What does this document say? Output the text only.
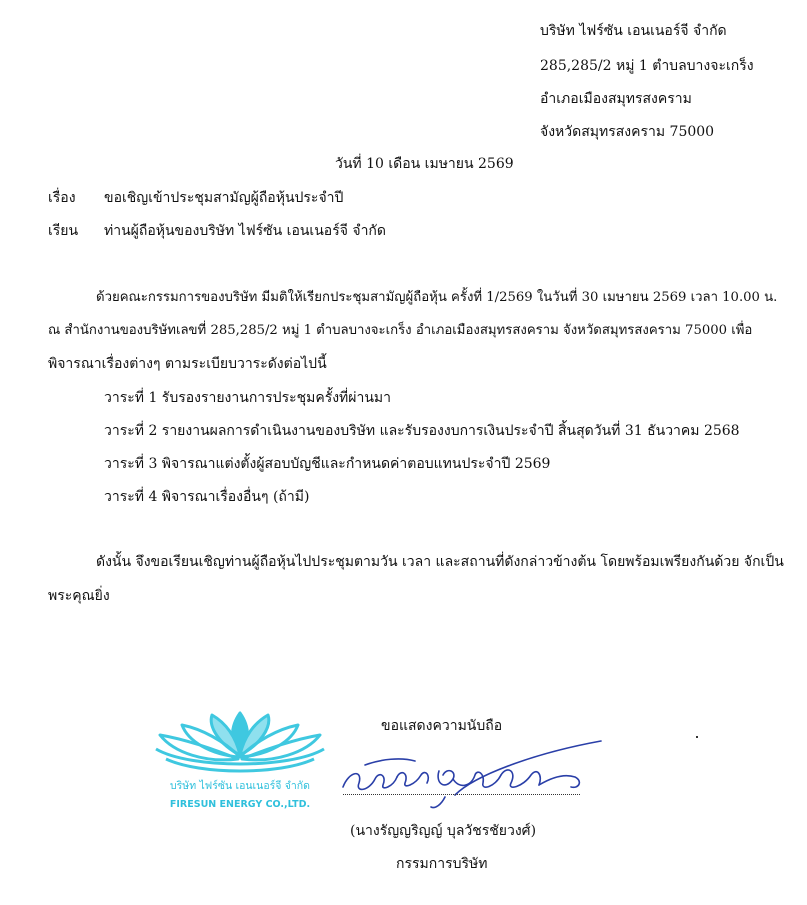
บริษัท ไฟร์ซัน เอนเนอร์จี จำกัด
285,285/2 หมู่ 1 ตำบลบางจะเกร็ง
อำเภอเมืองสมุทรสงคราม
จังหวัดสมุทรสงคราม 75000
วันที่ 10 เดือน เมษายน 2569
เรื่อง ขอเชิญเข้าประชุมสามัญผู้ถือหุ้นประจำปี
เรียน ท่านผู้ถือหุ้นของบริษัท ไฟร์ซัน เอนเนอร์จี จำกัด
ด้วยคณะกรรมการของบริษัท มีมติให้เรียกประชุมสามัญผู้ถือหุ้น ครั้งที่ 1/2569 ในวันที่ 30 เมษายน 2569 เวลา 10.00 น.
ณ สำนักงานของบริษัทเลขที่ 285,285/2 หมู่ 1 ตำบลบางจะเกร็ง อำเภอเมืองสมุทรสงคราม จังหวัดสมุทรสงคราม 75000 เพื่อ
พิจารณาเรื่องต่างๆ ตามระเบียบวาระดังต่อไปนี้
วาระที่ 1 รับรองรายงานการประชุมครั้งที่ผ่านมา
วาระที่ 2 รายงานผลการดำเนินงานของบริษัท และรับรองงบการเงินประจำปี สิ้นสุดวันที่ 31 ธันวาคม 2568
วาระที่ 3 พิจารณาแต่งตั้งผู้สอบบัญชีและกำหนดค่าตอบแทนประจำปี 2569
วาระที่ 4 พิจารณาเรื่องอื่นๆ (ถ้ามี)
ดังนั้น จึงขอเรียนเชิญท่านผู้ถือหุ้นไปประชุมตามวัน เวลา และสถานที่ดังกล่าวข้างต้น โดยพร้อมเพรียงกันด้วย จักเป็น
พระคุณยิ่ง
ขอแสดงความนับถือ
บริษัท ไฟร์ซัน เอนเนอร์จี จำกัด
FIRESUN ENERGY CO.,LTD.
(นางรัญญริญญ์ บุลวัชรชัยวงศ์)
กรรมการบริษัท
